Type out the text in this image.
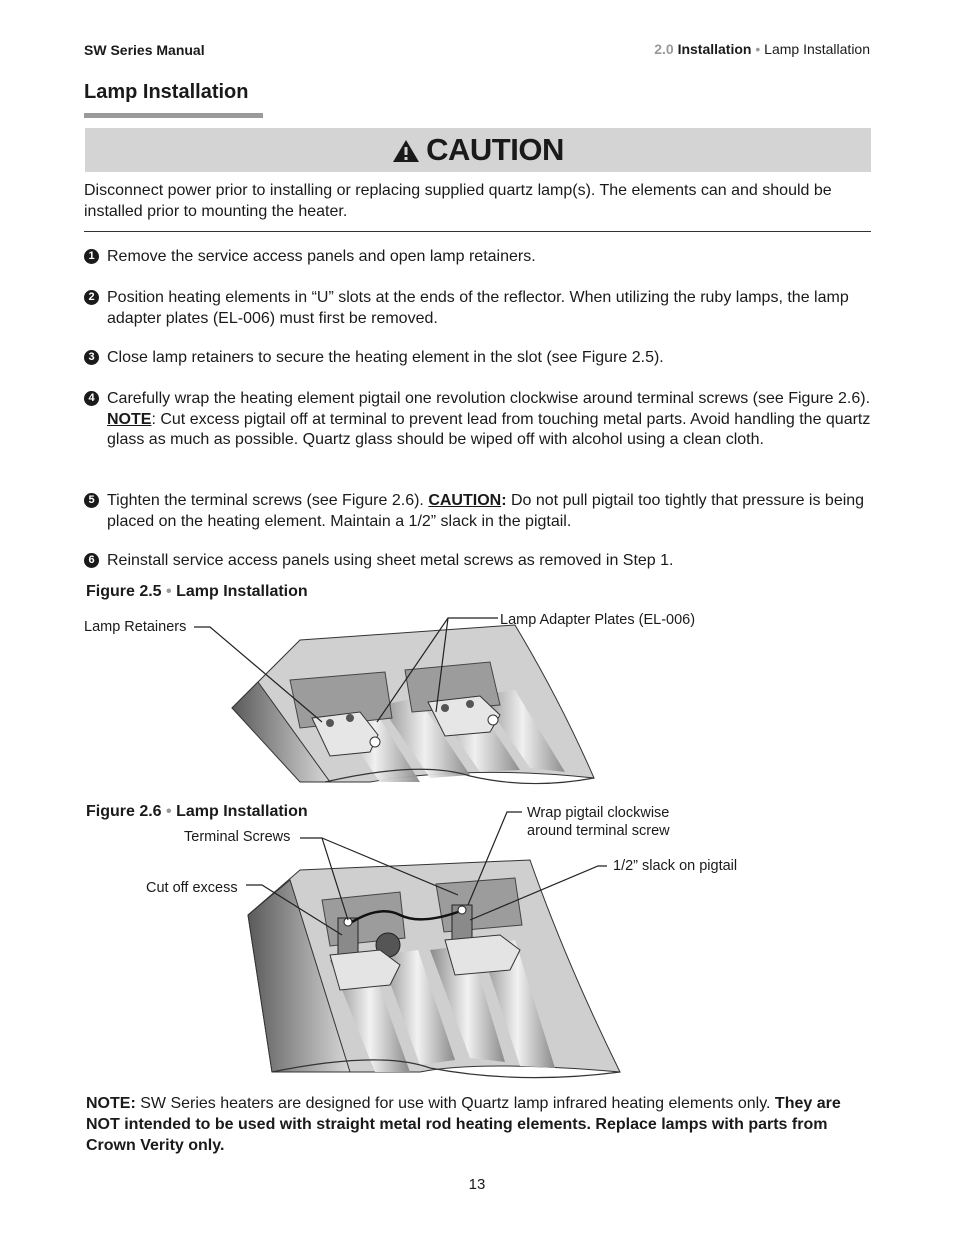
SW Series Manual	2.0 Installation • Lamp Installation
Lamp Installation
CAUTION
Disconnect power prior to installing or replacing supplied quartz lamp(s). The elements can and should be installed prior to mounting the heater.
1 Remove the service access panels and open lamp retainers.
2 Position heating elements in “U” slots at the ends of the reflector. When utilizing the ruby lamps, the lamp adapter plates (EL-006) must first be removed.
3 Close lamp retainers to secure the heating element in the slot (see Figure 2.5).
4 Carefully wrap the heating element pigtail one revolution clockwise around terminal screws (see Figure 2.6). NOTE: Cut excess pigtail off at terminal to prevent lead from touching metal parts. Avoid handling the quartz glass as much as possible. Quartz glass should be wiped off with alcohol using a clean cloth.
5 Tighten the terminal screws (see Figure 2.6). CAUTION: Do not pull pigtail too tightly that pressure is being placed on the heating element. Maintain a 1/2” slack in the pigtail.
6 Reinstall service access panels using sheet metal screws as removed in Step 1.
Figure 2.5 • Lamp Installation
Lamp Retainers	Lamp Adapter Plates (EL-006)
Figure 2.6 • Lamp Installation
Terminal Screws
Cut off excess
Wrap pigtail clockwise
around terminal screw
1/2” slack on pigtail
NOTE: SW Series heaters are designed for use with Quartz lamp infrared heating elements only. They are NOT intended to be used with straight metal rod heating elements. Replace lamps with parts from Crown Verity only.
13
